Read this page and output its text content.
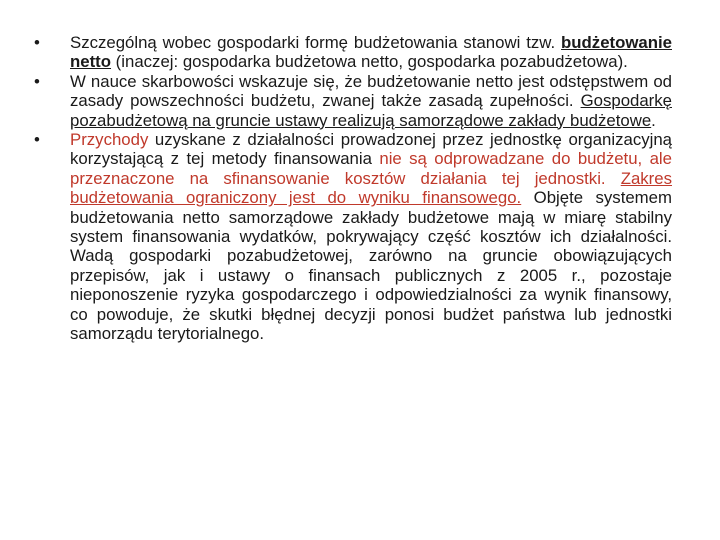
• Szczególną wobec gospodarki formę budżetowania stanowi tzw. budżetowanie netto (inaczej: gospodarka budżetowa netto, gospodarka pozabudżetowa).
• W nauce skarbowości wskazuje się, że budżetowanie netto jest odstępstwem od zasady powszechności budżetu, zwanej także zasadą zupełności. Gospodarkę pozabudżetową na gruncie ustawy realizują samorządowe zakłady budżetowe.
• Przychody uzyskane z działalności prowadzonej przez jednostkę organizacyjną korzystającą z tej metody finansowania nie są odprowadzane do budżetu, ale przeznaczone na sfinansowanie kosztów działania tej jednostki. Zakres budżetowania ograniczony jest do wyniku finansowego. Objęte systemem budżetowania netto samorządowe zakłady budżetowe mają w miarę stabilny system finansowania wydatków, pokrywający część kosztów ich działalności. Wadą gospodarki pozabudżetowej, zarówno na gruncie obowiązujących przepisów, jak i ustawy o finansach publicznych z 2005 r., pozostaje nieponoszenie ryzyka gospodarczego i odpowiedzialności za wynik finansowy, co powoduje, że skutki błędnej decyzji ponosi budżet państwa lub jednostki samorządu terytorialnego.
